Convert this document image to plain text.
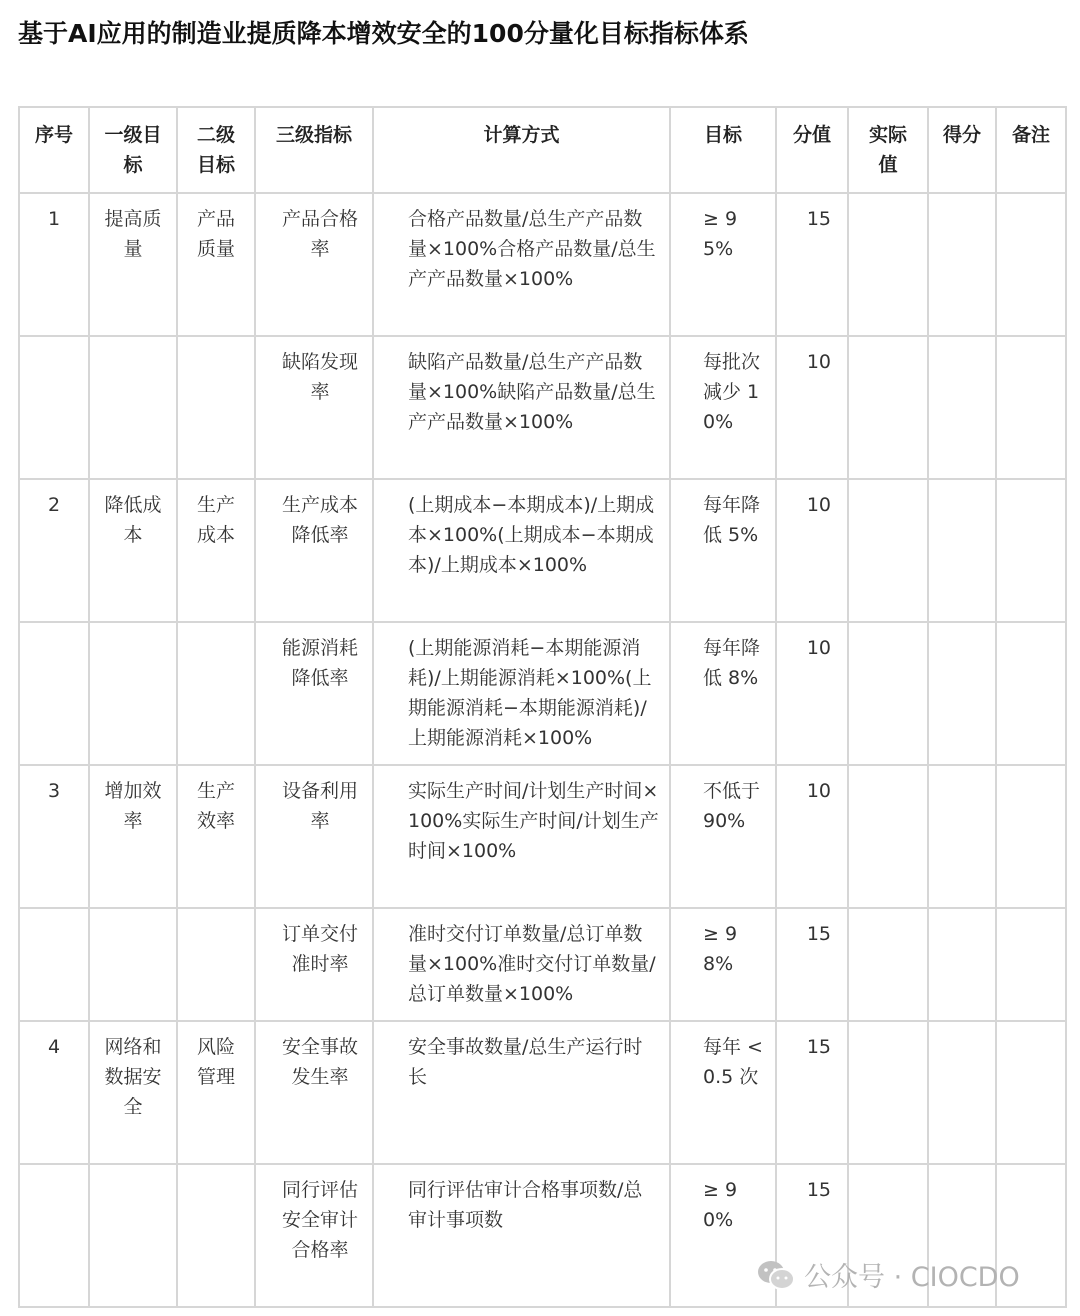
基于AI应用的制造业提质降本增效安全的100分量化目标指标体系
序号	一级目标	二级目标	三级指标	计算方式	目标	分值	实际值	得分	备注
1	提高质量	产品质量	产品合格率	合格产品数量/总生产产品数量×100%合格产品数量/总生产产品数量×100%	≥ 95%	15			
			缺陷发现率	缺陷产品数量/总生产产品数量×100%缺陷产品数量/总生产产品数量×100%	每批次减少 10%	10			
2	降低成本	生产成本	生产成本降低率	(上期成本−本期成本)/上期成本×100%(上期成本−本期成本)/上期成本×100%	每年降低 5%	10			
			能源消耗降低率	(上期能源消耗−本期能源消耗)/上期能源消耗×100%(上期能源消耗−本期能源消耗)/上期能源消耗×100%	每年降低 8%	10			
3	增加效率	生产效率	设备利用率	实际生产时间/计划生产时间×100%实际生产时间/计划生产时间×100%	不低于 90%	10			
			订单交付准时率	准时交付订单数量/总订单数量×100%准时交付订单数量/总订单数量×100%	≥ 98%	15			
4	网络和数据安全	风险管理	安全事故发生率	安全事故数量/总生产运行时长	每年 <0.5 次	15			
			同行评估安全审计合格率	同行评估审计合格事项数/总审计事项数	≥ 90%	15			
公众号 · CIOCDO
